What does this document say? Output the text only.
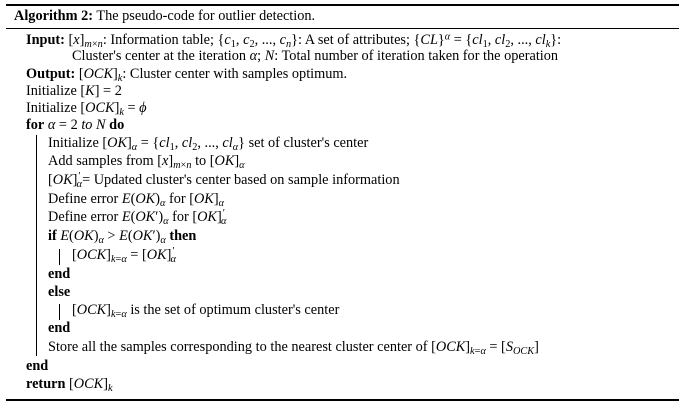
Algorithm 2: The pseudo-code for outlier detection.
Input: $[x]_{m\times n}$: Information table; {$c_1$, $c_2$, ..., $c_n$}: A set of attributes; $\{CL\}^\alpha = \{cl_1$, $cl_2$, ..., $cl_k$}:
Cluster's center at the iteration α; N: Total number of iteration taken for the operation
Output: $[OCK]_k$: Cluster center with samples optimum.
Initialize [K] = 2
Initialize $[OCK]_k = \phi$
for α = 2 to N do
Initialize $[OK]_\alpha = \{cl_1$, $cl_2$, ..., $cl_\alpha$} set of cluster's center
Add samples from $[x]_{m\times n}$ to $[OK]_\alpha$
$[OK]'_\alpha=$ Updated cluster's center based on sample information
Define error $E(OK)_\alpha$ for $[OK]_\alpha$
Define error $E(OK')_\alpha$ for $[OK]'_\alpha$
if $E(OK)_\alpha > E(OK')_\alpha$ then
$[OCK]_{k=\alpha} = [OK]'_\alpha$
end
else
$[OCK]_{k=\alpha}$ is the set of optimum cluster's center
end
Store all the samples corresponding to the nearest cluster center of $[OCK]_{k=\alpha} = [S_{OCK}]$
end
return $[OCK]_k$
